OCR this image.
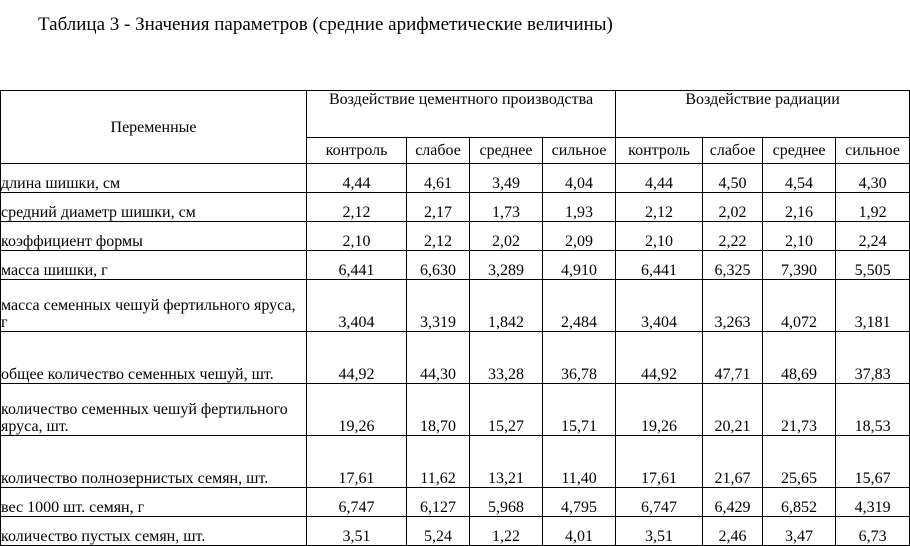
Таблица 3 - Значения параметров (средние арифметические величины)
Переменные	Воздействие цементного производства				Воздействие радиации			
	контроль	слабое	среднее	сильное	контроль	слабое	среднее	сильное
длина шишки, см	4,44	4,61	3,49	4,04	4,44	4,50	4,54	4,30
средний диаметр шишки, см	2,12	2,17	1,73	1,93	2,12	2,02	2,16	1,92
коэффициент формы	2,10	2,12	2,02	2,09	2,10	2,22	2,10	2,24
масса шишки, г	6,441	6,630	3,289	4,910	6,441	6,325	7,390	5,505
масса семенных чешуй фертильного яруса, г	3,404	3,319	1,842	2,484	3,404	3,263	4,072	3,181
общее количество семенных чешуй, шт.	44,92	44,30	33,28	36,78	44,92	47,71	48,69	37,83
количество семенных чешуй фертильного яруса, шт.	19,26	18,70	15,27	15,71	19,26	20,21	21,73	18,53
количество полнозернистых семян, шт.	17,61	11,62	13,21	11,40	17,61	21,67	25,65	15,67
вес 1000 шт. семян, г	6,747	6,127	5,968	4,795	6,747	6,429	6,852	4,319
количество пустых семян, шт.	3,51	5,24	1,22	4,01	3,51	2,46	3,47	6,73
